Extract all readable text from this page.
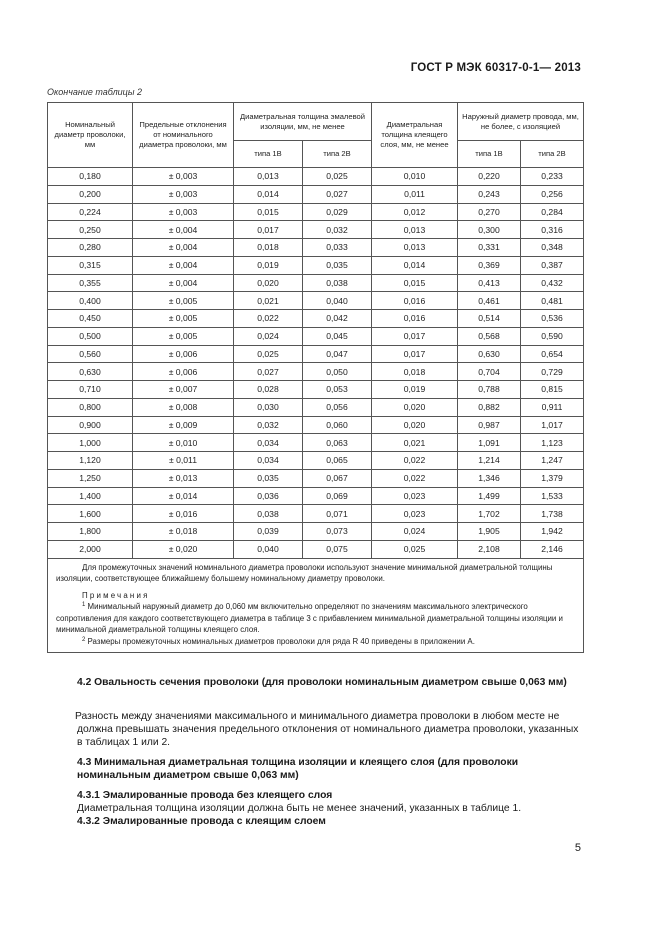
ГОСТ Р МЭК 60317-0-1— 2013
Окончание таблицы 2
Номинальный диаметр проволоки, мм	Предельные отклонения от номинального диаметра проволоки, мм	Диаметральная толщина эмалевой изоляции, мм, не менее		Диаметральная толщина клеящего слоя, мм, не менее	Наружный диаметр провода, мм, не более, с изоляцией	
		типа 1В	типа 2В		типа 1В	типа 2В
0,180	± 0,003	0,013	0,025	0,010	0,220	0,233
0,200	± 0,003	0,014	0,027	0,011	0,243	0,256
0,224	± 0,003	0,015	0,029	0,012	0,270	0,284
0,250	± 0,004	0,017	0,032	0,013	0,300	0,316
0,280	± 0,004	0,018	0,033	0,013	0,331	0,348
0,315	± 0,004	0,019	0,035	0,014	0,369	0,387
0,355	± 0,004	0,020	0,038	0,015	0,413	0,432
0,400	± 0,005	0,021	0,040	0,016	0,461	0,481
0,450	± 0,005	0,022	0,042	0,016	0,514	0,536
0,500	± 0,005	0,024	0,045	0,017	0,568	0,590
0,560	± 0,006	0,025	0,047	0,017	0,630	0,654
0,630	± 0,006	0,027	0,050	0,018	0,704	0,729
0,710	± 0,007	0,028	0,053	0,019	0,788	0,815
0,800	± 0,008	0,030	0,056	0,020	0,882	0,911
0,900	± 0,009	0,032	0,060	0,020	0,987	1,017
1,000	± 0,010	0,034	0,063	0,021	1,091	1,123
1,120	± 0,011	0,034	0,065	0,022	1,214	1,247
1,250	± 0,013	0,035	0,067	0,022	1,346	1,379
1,400	± 0,014	0,036	0,069	0,023	1,499	1,533
1,600	± 0,016	0,038	0,071	0,023	1,702	1,738
1,800	± 0,018	0,039	0,073	0,024	1,905	1,942
2,000	± 0,020	0,040	0,075	0,025	2,108	2,146

Для промежуточных значений номинального диаметра проволоки используют значение минимальной диаметральной толщины изоляции, соответствующее ближайшему большему номинальному диаметру проволоки.
Примечания
$^1$ Минимальный наружный диаметр до 0,060 мм включительно определяют по значениям максимального электрического сопротивления для каждого соответствующего диаметра в таблице 3 с прибавлением минимальной диаметральной толщины изоляции и минимальной диаметральной толщины клеящего слоя.
$^2$ Размеры промежуточных номинальных диаметров проволоки для ряда R 40 приведены в приложении А.						
4.2 Овальность сечения проволоки (для проволоки номинальным диаметром свыше 0,063 мм)
Разность между значениями максимального и минимального диаметра проволоки в любом месте не должна превышать значения предельного отклонения от номинального диаметра проволоки, указанных в таблицах 1 или 2.
4.3 Минимальная диаметральная толщина изоляции и клеящего слоя (для проволоки номинальным диаметром свыше 0,063 мм)
4.3.1 Эмалированные провода без клеящего слоя
Диаметральная толщина изоляции должна быть не менее значений, указанных в таблице 1.
4.3.2 Эмалированные провода с клеящим слоем
5
